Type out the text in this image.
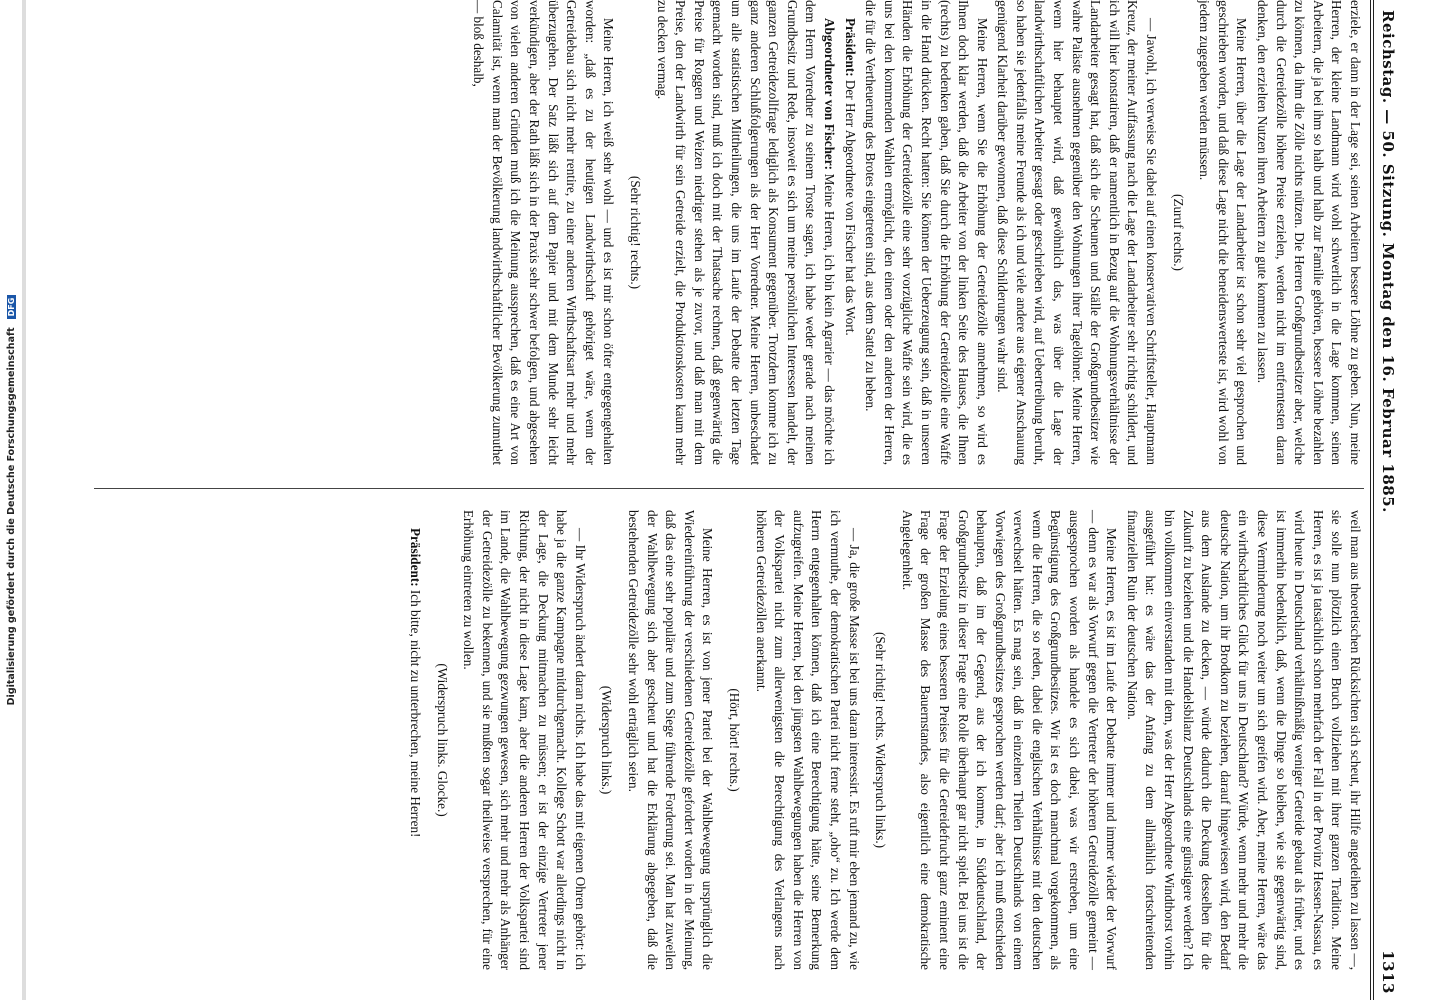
Digitalisierung gefördert durch die Deutsche Forschungsgemeinschaft
DFG	Reichstag. — 50. Sitzung. Montag den 16. Februar 1885.
1313

erziele, er dann in der Lage sei, seinen Arbeitern bessere Löhne zu geben. Nun, meine Herren, der kleine Landmann wird wohl schwerlich in die Lage kommen, seinen Arbeitern, die ja bei ihm so halb und halb zur Familie gehören, bessere Löhne bezahlen zu können, da ihm die Zölle nichts nützen. Die Herren Großgrundbesitzer aber, welche durch die Getreidezölle höhere Preise erzielen, werden nicht im entferntesten daran denken, den erzielten Nutzen ihren Arbeitern zu gute kommen zu lassen.

Meine Herren, über die Lage der Landarbeiter ist schon sehr viel gesprochen und geschrieben worden, und daß diese Lage nicht die beneidenswerteste ist, wird wohl von jedem zugegeben werden müssen.

(Zuruf rechts.)

— Jawohl, ich verweise Sie dabei auf einen konservativen Schriftsteller, Hauptmann Kreuz, der meiner Auffassung nach die Lage der Landarbeiter sehr richtig schildert, und ich will hier konstatiren, daß er namentlich in Bezug auf die Wohnungsverhältnisse der Landarbeiter gesagt hat, daß sich die Scheunen und Ställe der Großgrundbesitzer wie wahre Paläste ausnehmen gegenüber den Wohnungen ihrer Tagelöhner. Meine Herren, wenn hier behauptet wird, daß gewöhnlich das, was über die Lage der landwirthschaftlichen Arbeiter gesagt oder geschrieben wird, auf Uebertreibung beruht, so haben sie jedenfalls meine Freunde als ich und viele andere aus eigener Anschauung genügend Klarheit darüber gewonnen, daß diese Schilderungen wahr sind.

Meine Herren, wenn Sie die Erhöhung der Getreidezölle annehmen, so wird es Ihnen doch klar werden, daß die Arbeiter von der linken Seite des Hauses, die Ihnen (rechts) zu bedenken gaben, daß Sie durch die Erhöhung der Getreidezölle eine Waffe in die Hand drücken. Recht hatten: Sie können der Ueberzeugung sein, daß in unseren Händen die Erhöhung der Getreidezölle eine sehr vorzügliche Waffe sein wird, die es uns bei den kommenden Wahlen ermöglicht, den einen oder den anderen der Herren, die für die Vertheuerung des Brotes eingetreten sind, aus dem Sattel zu heben.

Präsident: Der Herr Abgeordnete von Fischer hat das Wort.

Abgeordneter von Fischer: Meine Herren, ich bin kein Agrarier — das möchte ich dem Herrn Vorredner zu seinem Troste sagen, ich habe weder gerade nach meinen Grundbesitz und Rede, insoweit es sich um meine persönlichen Interessen handelt, der ganzen Getreidezollfrage lediglich als Konsument gegenüber. Trotzdem komme ich zu ganz anderen Schlußfolgerungen als der Herr Vorredner. Meine Herren, unbeschadet um alle statistischen Mittheilungen, die uns im Laufe der Debatte der letzten Tage gemacht worden sind, muß ich doch mit der Thatsache rechnen, daß gegenwärtig die Preise für Roggen und Weizen niedriger stehen als je zuvor, und daß man mit dem Preise, den der Landwirth für sein Getreide erzielt, die Produktionskosten kaum mehr zu decken vermag.

(Sehr richtig! rechts.)

Meine Herren, ich weiß sehr wohl — und es ist mir schon öfter entgegengehalten worden: „daß es zu der heutigen Landwirthschaft gehöriget wäre, wenn der Getreidebau sich nicht mehr rentire, zu einer anderen Wirthschaftsart mehr und mehr überzugehen. Der Satz läßt sich auf dem Papier und mit dem Munde sehr leicht verkündigen, aber der Rath läßt sich in der Praxis sehr schwer befolgen, und abgesehen von vielen anderen Gründen muß ich die Meinung aussprechen, daß es eine Art von Calamität ist, wenn man der Bevölkerung landwirthschaftlicher Bevölkerung zumuthet — bloß deshalb,

weil man aus theoretischen Rücksichten sich scheut, ihr Hilfe angedeihen zu lassen —, sie solle nun plötzlich einen Bruch vollziehen mit ihrer ganzen Tradition. Meine Herren, es ist ja tatsächlich schon mehrfach der Fall in der Provinz Hessen-Nassau, es wird heute in Deutschland verhältnißmäßig weniger Getreide gebaut als früher, und es ist immerhin bedenklich, daß, wenn die Dinge so bleiben, wie sie gegenwärtig sind, diese Verminderung noch weiter um sich greifen wird. Aber, meine Herren, wäre das ein wirthschaftliches Glück für uns in Deutschland? Würde, wenn mehr und mehr die deutsche Nation, um ihr Brodkorn zu beziehen, darauf hingewiesen wird, den Bedarf aus dem Auslande zu decken, — würde dadurch die Deckung desselben für die Zukunft zu beziehen und die Handelsbilanz Deutschlands eine günstigere werden? Ich bin vollkommen einverstanden mit dem, was der Herr Abgeordnete Windthorst vorhin ausgeführt hat: es wäre das der Anfang zu dem allmählich fortschreitenden finanziellen Ruin der deutschen Nation.

Meine Herren, es ist im Laufe der Debatte immer und immer wieder der Vorwurf — denn es war als Vorwurf gegen die Vertreter der höheren Getreidezölle gemeint — ausgesprochen worden als handele es sich dabei, was wir erstreben, um eine Begünstigung des Großgrundbesitzes. Wir ist es doch manchmal vorgekommen, als wenn die Herren, die so reden, dabei die englischen Verhältnisse mit den deutschen verwechselt hätten. Es mag sein, daß in einzelnen Theilen Deutschlands von einem Vorwiegen des Großgrundbesitzes gesprochen werden darf; aber ich muß entschieden behaupten, daß im der Gegend, aus der ich komme, in Süddeutschland, der Großgrundbesitz in dieser Frage eine Rolle überhaupt gar nicht spielt. Bei uns ist die Frage der Erzielung eines besseren Preises für die Getreidefrucht ganz eminent eine Frage der großen Masse des Bauernstandes, also eigentlich eine demokratische Angelegenheit.

(Sehr richtig! rechts. Widerspruch links.)

— Ja, die große Masse ist bei uns daran interessirt. Es ruft mir eben jemand zu, wie ich vermuthe, der demokratischen Partei nicht ferne steht, „oho“ zu. Ich werde dem Herrn entgegenhalten können, daß ich eine Berechtigung hätte, seine Bemerkung aufzugreifen. Meine Herren, bei den jüngsten Wahlbewegungen haben die Herren von der Volkspartei nicht zum allerwenigsten die Berechtigung des Verlangens nach höheren Getreidezöllen anerkannt.

(Hört, hört! rechts.)

Meine Herren, es ist von jener Partei bei der Wahlbewegung ursprünglich die Wiedereinführung der verschiedenen Getreidezölle gefordert worden in der Meinung, daß das eine sehr populäre und zum Siege führende Forderung sei. Man hat zuweilen der Wahlbewegung sich aber gescheut und hat die Erklärung abgegeben, daß die bestehenden Getreidezölle sehr wohl erträglich seien.

(Widerspruch links.)

— Ihr Widerspruch ändert daran nichts. Ich habe das mit eigenen Ohren gehört: ich habe ja die ganze Kampagne mitdurchgemacht. Kollege Schott war allerdings nicht in der Lage, die Deckung mitmachen zu müssen; er ist der einzige Vertreter jener Richtung, der nicht in diese Lage kam, aber die anderen Herren der Volkspartei sind im Lande, die Wahlbewegung gezwungen gewesen, sich mehr und mehr als Anhänger der Getreidezölle zu bekennen, und sie mußten sogar theilweise versprechen, für eine Erhöhung eintreten zu wollen.

(Widerspruch links. Glocke.)

Präsident: Ich bitte, nicht zu unterbrechen, meine Herren!
